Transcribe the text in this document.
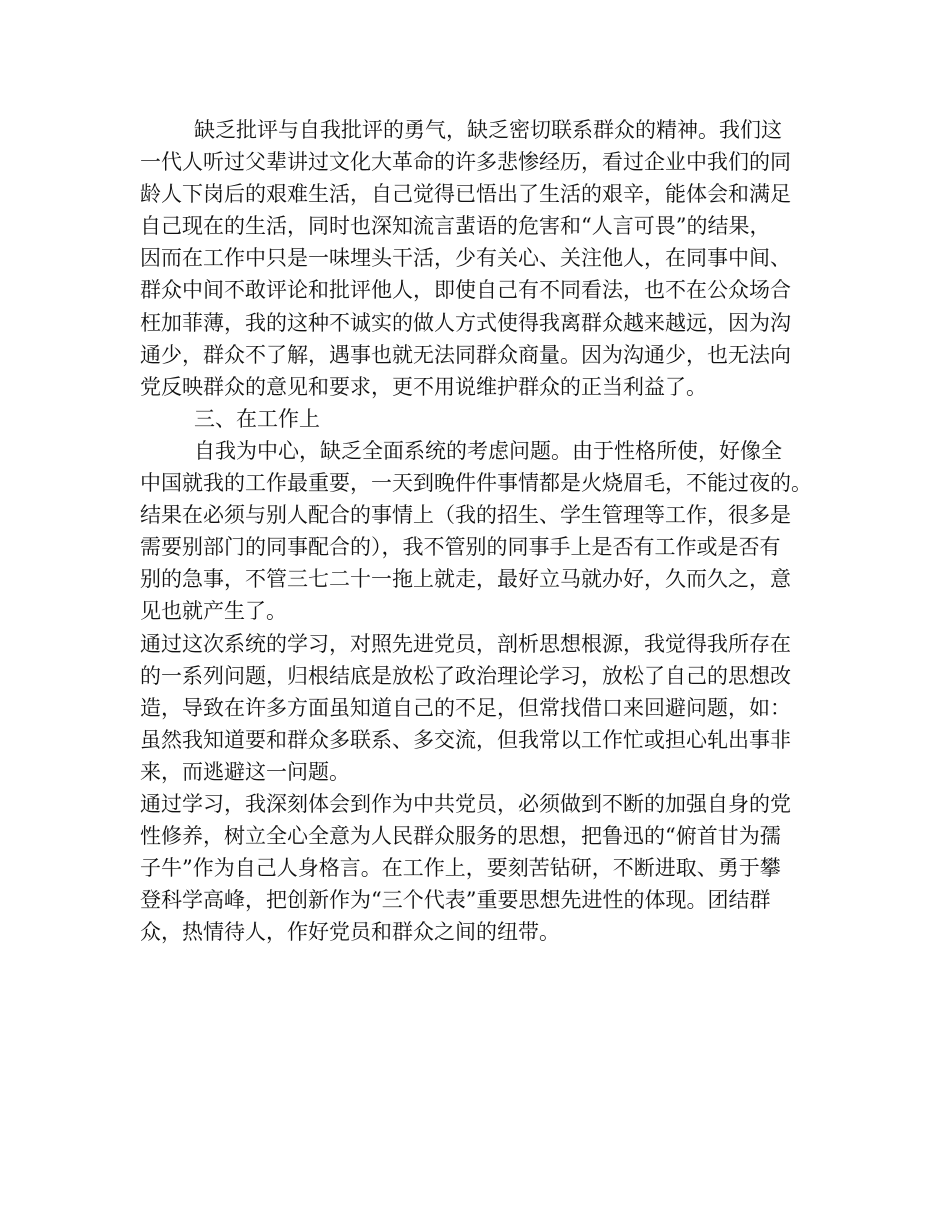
缺乏批评与自我批评的勇气，缺乏密切联系群众的精神。我们这
一代人听过父辈讲过文化大革命的许多悲惨经历，看过企业中我们的同
龄人下岗后的艰难生活，自己觉得已悟出了生活的艰辛，能体会和满足
自己现在的生活，同时也深知流言蜚语的危害和“人言可畏”的结果，
因而在工作中只是一味埋头干活，少有关心、关注他人，在同事中间、
群众中间不敢评论和批评他人，即使自己有不同看法，也不在公众场合
枉加菲薄，我的这种不诚实的做人方式使得我离群众越来越远，因为沟
通少，群众不了解，遇事也就无法同群众商量。因为沟通少，也无法向
党反映群众的意见和要求，更不用说维护群众的正当利益了。
三、在工作上
自我为中心，缺乏全面系统的考虑问题。由于性格所使，好像全
中国就我的工作最重要，一天到晚件件事情都是火烧眉毛，不能过夜的。
结果在必须与别人配合的事情上（我的招生、学生管理等工作，很多是
需要别部门的同事配合的），我不管别的同事手上是否有工作或是否有
别的急事，不管三七二十一拖上就走，最好立马就办好，久而久之，意
见也就产生了。
通过这次系统的学习，对照先进党员，剖析思想根源，我觉得我所存在
的一系列问题，归根结底是放松了政治理论学习，放松了自己的思想改
造，导致在许多方面虽知道自己的不足，但常找借口来回避问题，如：
虽然我知道要和群众多联系、多交流，但我常以工作忙或担心轧出事非
来，而逃避这一问题。
通过学习，我深刻体会到作为中共党员，必须做到不断的加强自身的党
性修养，树立全心全意为人民群众服务的思想，把鲁迅的“俯首甘为孺
子牛”作为自己人身格言。在工作上，要刻苦钻研，不断进取、勇于攀
登科学高峰，把创新作为“三个代表”重要思想先进性的体现。团结群
众，热情待人，作好党员和群众之间的纽带。
